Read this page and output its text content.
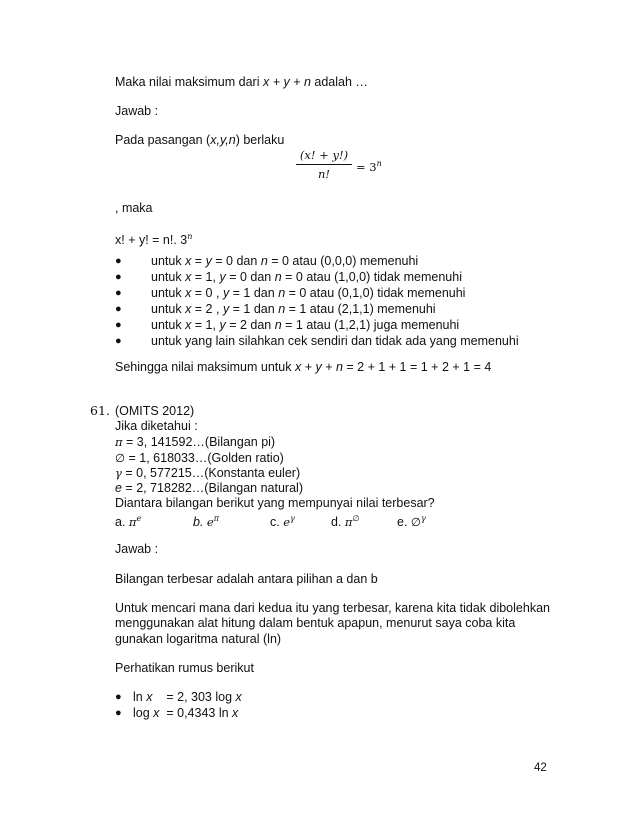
Maka nilai maksimum dari x + y + n adalah …
Jawab :
Pada pasangan (x,y,n) berlaku
$\frac{(x! + y!)}{n!} = 3^n$
, maka
x! + y! = n!. 3$^n$
● untuk x = y = 0 dan n = 0 atau (0,0,0) memenuhi
● untuk x = 1, y = 0 dan n = 0 atau (1,0,0) tidak memenuhi
● untuk x = 0 , y = 1 dan n = 0 atau (0,1,0) tidak memenuhi
● untuk x = 2 , y = 1 dan n = 1 atau (2,1,1) memenuhi
● untuk x = 1, y = 2 dan n = 1 atau (1,2,1) juga memenuhi
● untuk yang lain silahkan cek sendiri dan tidak ada yang memenuhi
Sehingga nilai maksimum untuk x + y + n = 2 + 1 + 1 = 1 + 2 + 1 = 4
61. (OMITS 2012)
Jika diketahui :
π = 3, 141592…(Bilangan pi)
∅ = 1, 618033…(Golden ratio)
γ = 0, 577215…(Konstanta euler)
e = 2, 718282…(Bilangan natural)
Diantara bilangan berikut yang mempunyai nilai terbesar?
a. $\pi^e$	b. $e^\pi$	c. $e^\gamma$	d. π∅	e. ∅$^\gamma$
Jawab :
Bilangan terbesar adalah antara pilihan a dan b
Untuk mencari mana dari kedua itu yang terbesar, karena kita tidak dibolehkan
menggunakan alat hitung dalam bentuk apapun, menurut saya coba kita
gunakan logaritma natural (ln)
Perhatikan rumus berikut
● ln x    = 2, 303 log x
● log x  = 0,4343 ln x
42
